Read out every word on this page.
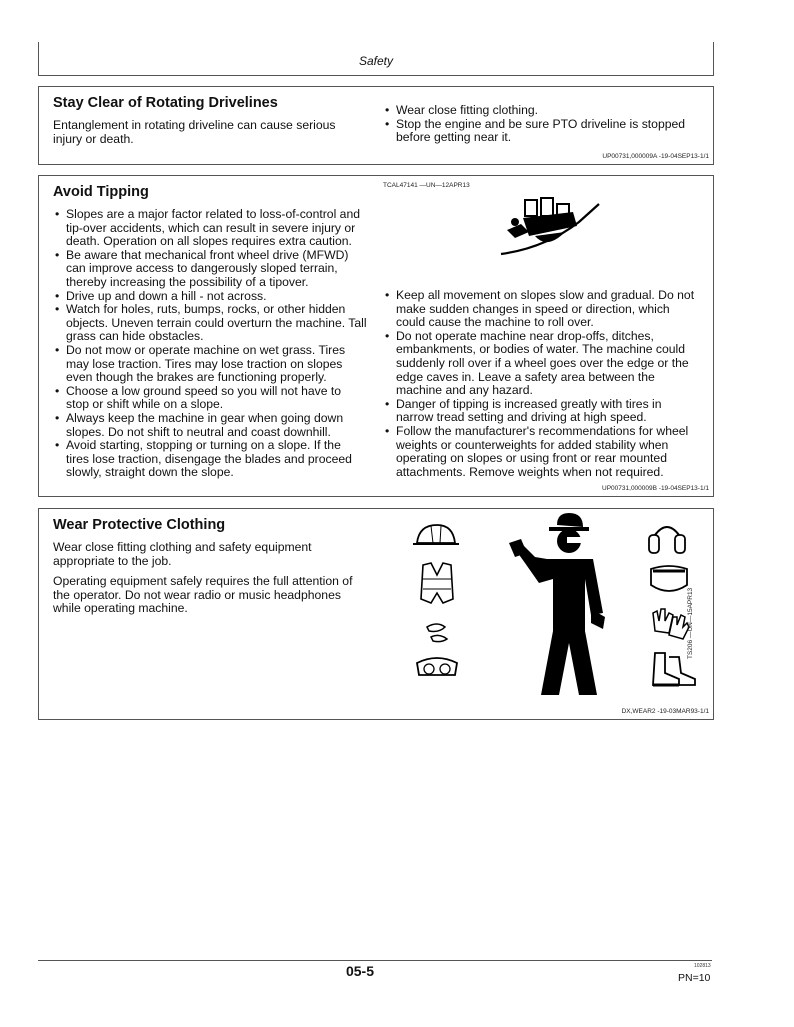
Safety
Stay Clear of Rotating Drivelines
Entanglement in rotating driveline can cause serious injury or death.
• Wear close fitting clothing.
• Stop the engine and be sure PTO driveline is stopped before getting near it.
UP00731,000009A -19-04SEP13-1/1
Avoid Tipping	TCAL47141 —UN—12APR13
• Slopes are a major factor related to loss-of-control and tip-over accidents, which can result in severe injury or death. Operation on all slopes requires extra caution.
• Be aware that mechanical front wheel drive (MFWD) can improve access to dangerously sloped terrain, thereby increasing the possibility of a tipover.
• Drive up and down a hill - not across.
• Watch for holes, ruts, bumps, rocks, or other hidden objects. Uneven terrain could overturn the machine. Tall grass can hide obstacles.
• Do not mow or operate machine on wet grass. Tires may lose traction. Tires may lose traction on slopes even though the brakes are functioning properly.
• Choose a low ground speed so you will not have to stop or shift while on a slope.
• Always keep the machine in gear when going down slopes. Do not shift to neutral and coast downhill.
• Avoid starting, stopping or turning on a slope. If the tires lose traction, disengage the blades and proceed slowly, straight down the slope.
• Keep all movement on slopes slow and gradual. Do not make sudden changes in speed or direction, which could cause the machine to roll over.
• Do not operate machine near drop-offs, ditches, embankments, or bodies of water. The machine could suddenly roll over if a wheel goes over the edge or the edge caves in. Leave a safety area between the machine and any hazard.
• Danger of tipping is increased greatly with tires in narrow tread setting and driving at high speed.
• Follow the manufacturer's recommendations for wheel weights or counterweights for added stability when operating on slopes or using front or rear mounted attachments. Remove weights when not required.
UP00731,000009B -19-04SEP13-1/1
Wear Protective Clothing

Wear close fitting clothing and safety equipment appropriate to the job.

Operating equipment safely requires the full attention of the operator. Do not wear radio or music headphones while operating machine.	TS206 —UN—15APR13
DX,WEAR2 -19-03MAR93-1/1
05-5	102813
PN=10
